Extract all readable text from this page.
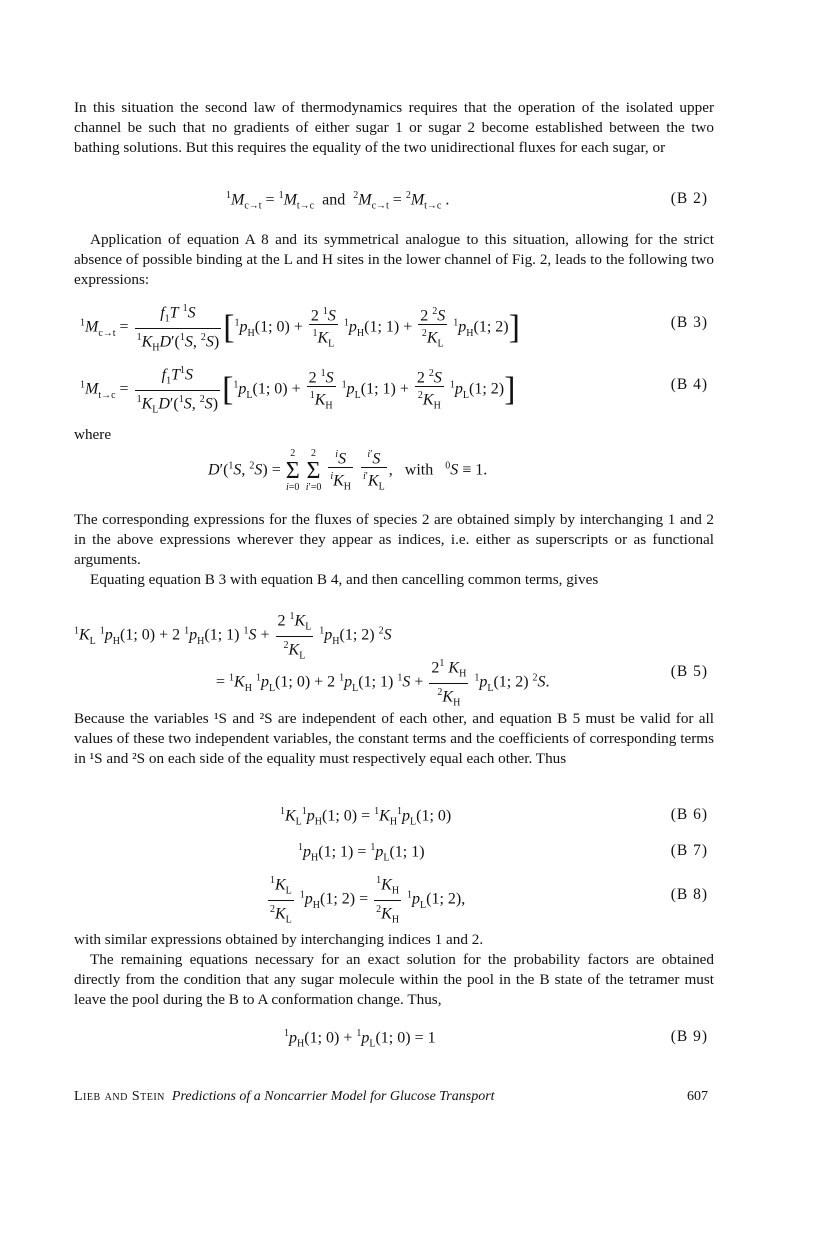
In this situation the second law of thermodynamics requires that the operation of the isolated upper channel be such that no gradients of either sugar 1 or sugar 2 become established between the two bathing solutions. But this requires the equality of the two unidirectional fluxes for each sugar, or

$^1M_{c\to t} = ^1M_{t\to c}$ and $^2M_{c\to t} = ^2M_{t\to c}$ .	(B 2)

Application of equation A 8 and its symmetrical analogue to this situation, allowing for the strict absence of possible binding at the L and H sites in the lower channel of Fig. 2, leads to the following two expressions:

$^1M_{c\to t} = \frac{f_1T ^1S}{^1K_HD'(^1S, ^2S)} [^1p_H(1$; $0) + \frac{2 ^1S}{^1K_L} ^1p_H(1$; $1) + \frac{2 ^2S}{^2K_L} ^1p_H(1$; 2)]	(B 3)
$^1M_{t\to c} = \frac{f_1T^1S}{^1K_LD'(^1S, ^2S)} [^1p_L(1$; $0) + \frac{2 ^1S}{^1K_H} ^1p_L(1$; $1) + \frac{2 ^2S}{^2K_H} ^1p_L(1$; 2)]	(B 4)

where

D′($^1$S, $^2$S) = 2
Σ
i=0 2
Σ
$i'=0 \frac{^iS}{^iK_H}$
$\frac{^{i'}S}{^{i'}K_L}$ ,   with $^0$S ≡ 1.

The corresponding expressions for the fluxes of species 2 are obtained simply by interchanging 1 and 2 in the above expressions wherever they appear as indices, i.e. either as superscripts or as functional arguments.

Equating equation B 3 with equation B 4, and then cancelling common terms, gives

$^1K_L$ $^1p_H(1$; 0) + 2 $^1p_H(1$; 1) $^1S + \frac{2 ^1K_L}{^2K_L} ^1p_H(1$; 2) $^2$S
= $^1K_H$ $^1p_L(1$; 0) + 2 $^1p_L(1$; 1) $^1S + \frac{2^1 K_H}{^2K_H} ^1p_L(1$; 2) $^2$S.
(B 5)

Because the variables ¹S and ²S are independent of each other, and equation B 5 must be valid for all values of these two independent variables, the constant terms and the coefficients of corresponding terms in ¹S and ²S on each side of the equality must respectively equal each other. Thus

$^1K_L^1p_H(1$; $0) = ^1K_H^1p_L(1$; 0)	(B 6)
$^1p_H(1$; $1) = ^1p_L(1$; 1)	(B 7)
$\frac{^1K_L}{^2K_L} ^1p_H(1$; $2) = \frac{^1K_H}{^2K_H} ^1p_L(1$; 2),	(B 8)

with similar expressions obtained by interchanging indices 1 and 2.

The remaining equations necessary for an exact solution for the probability factors are obtained directly from the condition that any sugar molecule within the pool in the B state of the tetramer must leave the pool during the B to A conformation change. Thus,

$^1p_H(1$; $0) + ^1p_L(1$; 0) = 1	(B 9)
Lieb and Stein Predictions of a Noncarrier Model for Glucose Transport	607
